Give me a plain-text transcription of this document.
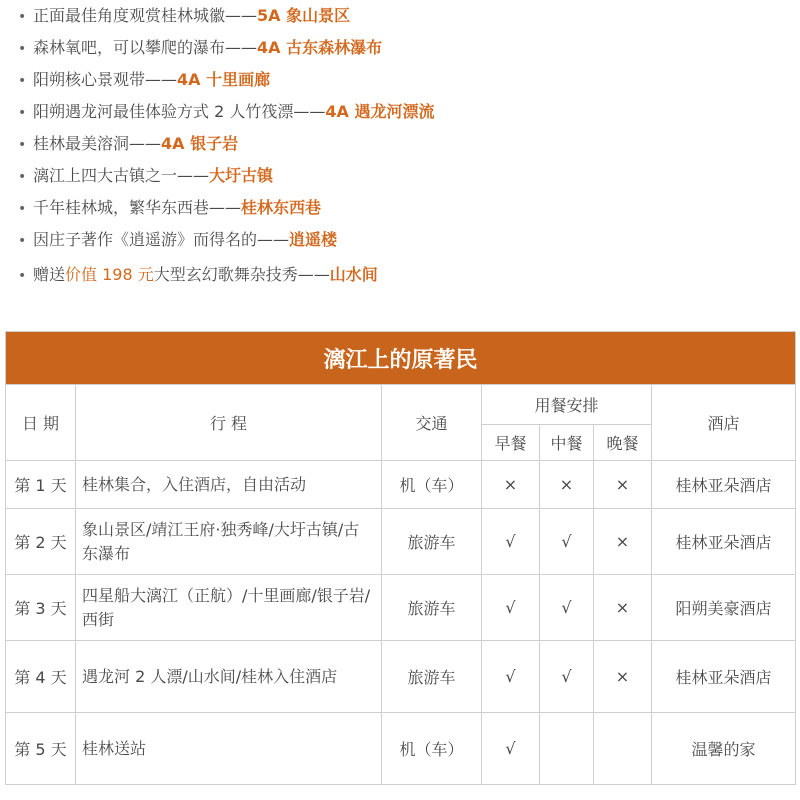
• 正面最佳角度观赏桂林城徽——5A 象山景区
• 森林氧吧，可以攀爬的瀑布——4A 古东森林瀑布
• 阳朔核心景观带——4A 十里画廊
• 阳朔遇龙河最佳体验方式 2 人竹筏漂——4A 遇龙河漂流
• 桂林最美溶洞——4A 银子岩
• 漓江上四大古镇之一——大圩古镇
• 千年桂林城，繁华东西巷——桂林东西巷
• 因庄子著作《逍遥游》而得名的——逍遥楼
• 赠送价值 198 元大型玄幻歌舞杂技秀——山水间
漓江上的原著民						
日 期	行 程	交通	用餐安排			酒店
			早餐	中餐	晚餐	
第 1 天	桂林集合，入住酒店，自由活动	机（车）	×	×	×	桂林亚朵酒店
第 2 天	象山景区/靖江王府·独秀峰/大圩古镇/古东瀑布	旅游车	√	√	×	桂林亚朵酒店
第 3 天	四星船大漓江（正航）/十里画廊/银子岩/西街	旅游车	√	√	×	阳朔美豪酒店
第 4 天	遇龙河 2 人漂/山水间/桂林入住酒店	旅游车	√	√	×	桂林亚朵酒店
第 5 天	桂林送站	机（车）	√			温馨的家
